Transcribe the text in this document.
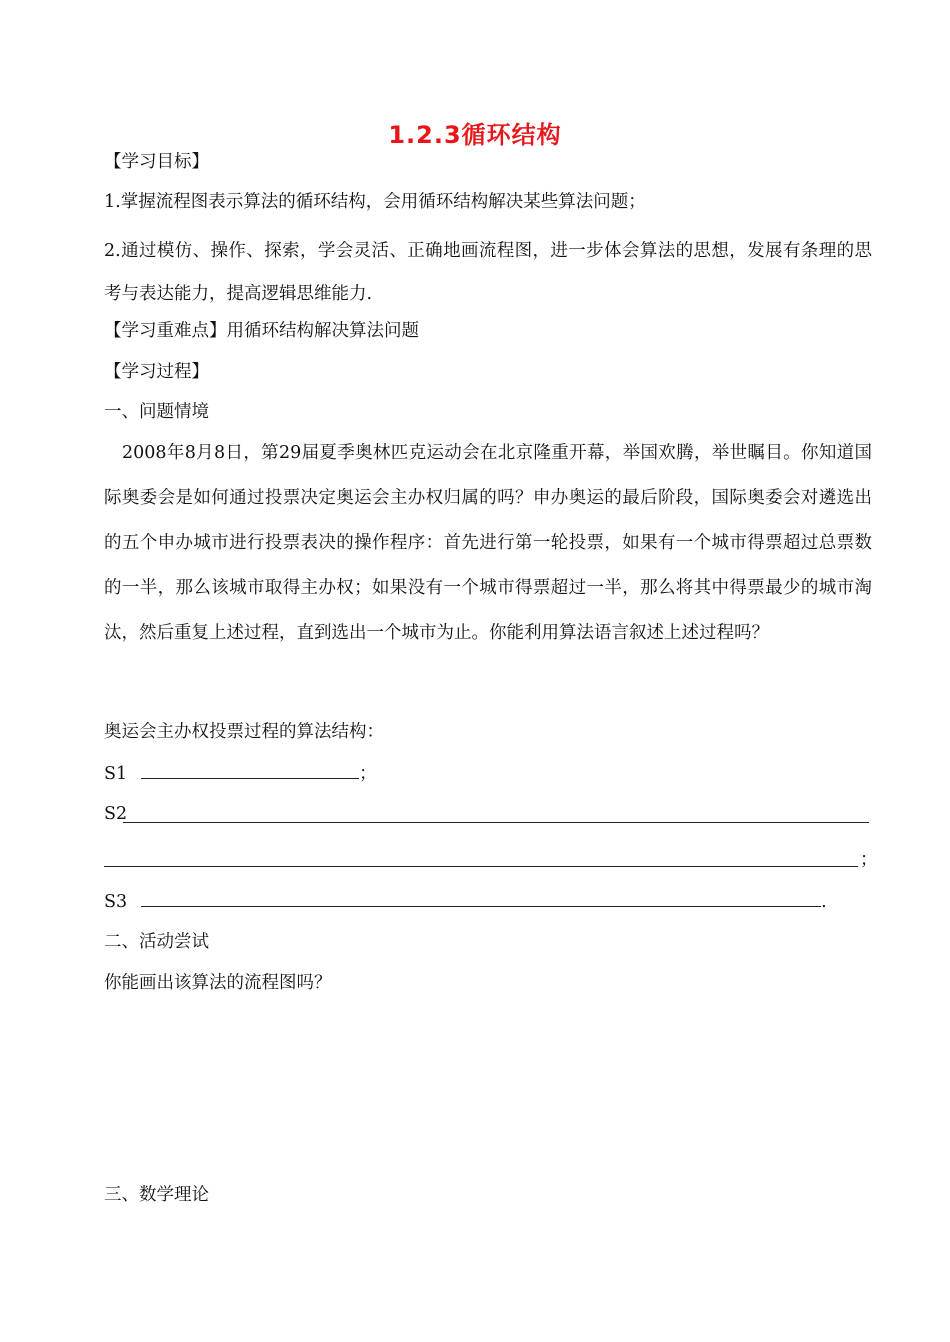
1.2.3循环结构
【学习目标】
1.掌握流程图表示算法的循环结构，会用循环结构解决某些算法问题；
2.通过模仿、操作、探索，学会灵活、正确地画流程图，进一步体会算法的思想，发展有条理的思考与表达能力，提高逻辑思维能力.
【学习重难点】用循环结构解决算法问题
【学习过程】
一、问题情境
2008年8月8日，第29届夏季奥林匹克运动会在北京隆重开幕，举国欢腾，举世瞩目。你知道国际奥委会是如何通过投票决定奥运会主办权归属的吗？申办奥运的最后阶段，国际奥委会对遴选出的五个申办城市进行投票表决的操作程序：首先进行第一轮投票，如果有一个城市得票超过总票数的一半，那么该城市取得主办权；如果没有一个城市得票超过一半，那么将其中得票最少的城市淘汰，然后重复上述过程，直到选出一个城市为止。你能利用算法语言叙述上述过程吗？
奥运会主办权投票过程的算法结构：
S1	；
S2
；
S3	.
二、活动尝试
你能画出该算法的流程图吗？
三、数学理论
